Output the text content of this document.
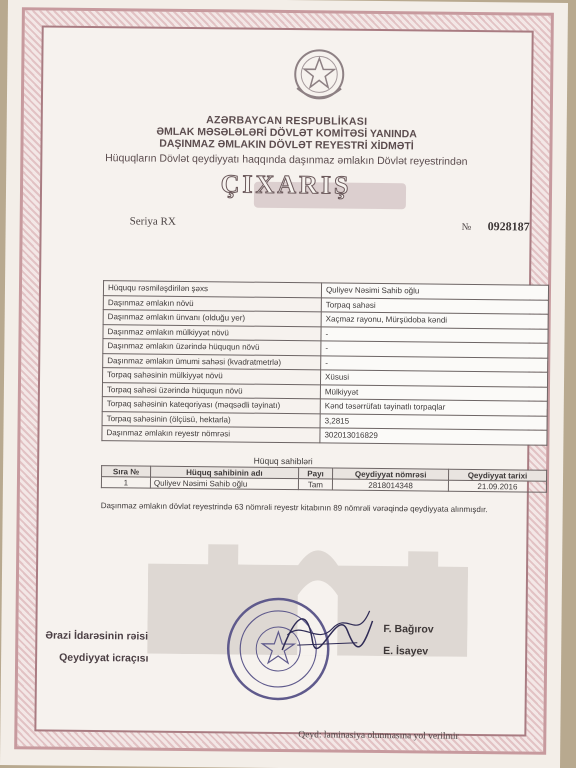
AZƏRBAYCAN RESPUBLİKASI
ƏMLAK MƏSƏLƏLƏRİ DÖVLƏT KOMİTƏSİ YANINDA
DAŞINMAZ ƏMLAKIN DÖVLƏT REYESTRİ XİDMƏTİ
Hüquqların Dövlət qeydiyyatı haqqında daşınmaz əmlakın Dövlət reyestrindən
ÇIXARIŞ
Seriya RX	№ 0928187
Hüququ rəsmiləşdirilən şəxs	Quliyev Nəsimi Sahib oğlu
Daşınmaz əmlakın növü	Torpaq sahəsi
Daşınmaz əmlakın ünvanı (olduğu yer)	Xaçmaz rayonu, Mürşüdoba kəndi
Daşınmaz əmlakın mülkiyyət növü	-
Daşınmaz əmlakın üzərində hüququn növü	-
Daşınmaz əmlakın ümumi sahəsi (kvadratmetrlə)	-
Torpaq sahəsinin mülkiyyət növü	Xüsusi
Torpaq sahəsi üzərində hüququn növü	Mülkiyyət
Torpaq sahəsinin kateqoriyası (məqsədli təyinatı)	Kənd təsərrüfatı təyinatlı torpaqlar
Torpaq sahəsinin (ölçüsü, hektarla)	3,2815
Daşınmaz əmlakın reyestr nömrəsi	302013016829
Hüquq sahibləri
Sıra №	Hüquq sahibinin adı	Payı	Qeydiyyat nömrəsi	Qeydiyyat tarixi
1	Quliyev Nəsimi Sahib oğlu	Tam	2818014348	21.09.2016
Daşınmaz əmlakın dövlət reyestrində 63 nömrəli reyestr kitabının 89 nömrəli vərəqində qeydiyyata alınmışdır.
Ərazi İdarəsinin rəisi
Qeydiyyat icraçısı
F. Bağırov
E. İsayev
Qeyd: laminasiya olunmasına yol verilmir
